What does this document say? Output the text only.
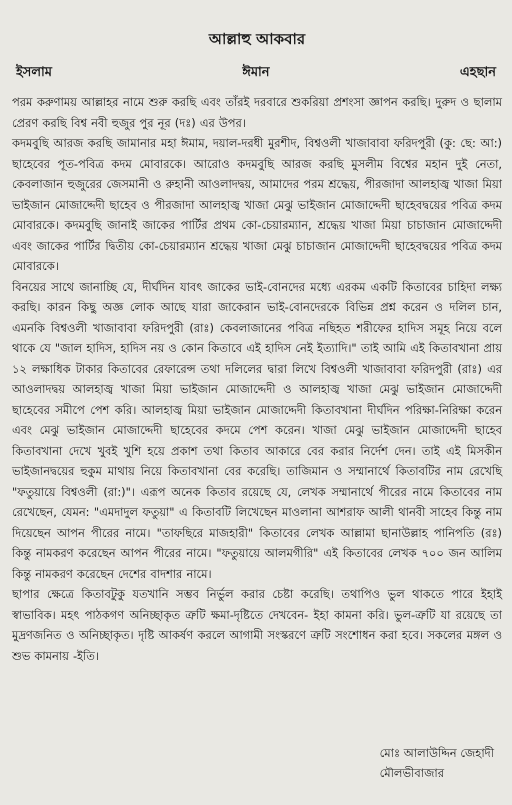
আল্লাহু আকবার
ইসলাম	ঈমান	এহছান

পরম করুণাময় আল্লাহর নামে শুরু করছি এবং তাঁরই দরবারে শুকরিয়া প্রশংসা জ্ঞাপন করছি। দুরুদ ও ছালাম প্রেরণ করছি বিশ্ব নবী হুজুর পুর নূর (দঃ) এর উপর।

কদমবুছি আরজ করছি জামানার মহা ঈমাম, দয়াল-দরধী মুরশীদ, বিশ্বওলী খাজাবাবা ফরিদপুরী (কু: ছে: আ:) ছাহেবের পূত-পবিত্র কদম মোবারকে। আরোও কদমবুছি আরজ করছি মুসলীম বিশ্বের মহান দুই নেতা, কেবলাজান হুজুরের জেসমানী ও রুহানী আওলাদদ্বয়, আমাদের পরম শ্রদ্ধেয়, পীরজাদা আলহাজ্ব খাজা মিয়া ভাইজান মোজাদ্দেদী ছাহেব ও পীরজাদা আলহাজ্ব খাজা মেঝু ভাইজান মোজাদ্দেদী ছাহেবদ্বয়ের পবিত্র কদম মোবারকে। কদমবুছি জানাই জাকের পার্টির প্রথম কো-চেয়ারম্যান, শ্রদ্ধেয় খাজা মিয়া চাচাজান মোজাদ্দেদী এবং জাকের পার্টির দ্বিতীয় কো-চেয়ারম্যান শ্রদ্ধেয় খাজা মেঝু চাচাজান মোজাদ্দেদী ছাহেবদ্বয়ের পবিত্র কদম মোবারকে।

বিনয়ের সাথে জানাচ্ছি যে, দীর্ঘদিন যাবৎ জাকের ভাই-বোনদের মধ্যে এরকম একটি কিতাবের চাহিদা লক্ষ্য করছি। কারন কিছু অজ্ঞ লোক আছে যারা জাকেরান ভাই-বোনদেরকে বিভিন্ন প্রশ্ন করেন ও দলিল চান, এমনকি বিশ্বওলী খাজাবাবা ফরিদপুরী (রাঃ) কেবলাজানের পবিত্র নছিহত শরীফের হাদিস সমূহ নিয়ে বলে থাকে যে "জাল হাদিস, হাদিস নয় ও কোন কিতাবে এই হাদিস নেই ইত্যাদি।" তাই আমি এই কিতাবখানা প্রায় ১২ লক্ষাধিক টাকার কিতাবের রেফারেন্স তথা দলিলের দ্বারা লিখে বিশ্বওলী খাজাবাবা ফরিদপুরী (রাঃ) এর আওলাদদ্বয় আলহাজ্ব খাজা মিয়া ভাইজান মোজাদ্দেদী ও আলহাজ্ব খাজা মেঝু ভাইজান মোজাদ্দেদী ছাহেবের সমীপে পেশ করি। আলহাজ্ব মিয়া ভাইজান মোজাদ্দেদী কিতাবখানা দীর্ঘদিন পরিক্ষা-নিরিক্ষা করেন এবং মেঝু ভাইজান মোজাদ্দেদী ছাহেবের কদমে পেশ করেন। খাজা মেঝু ভাইজান মোজাদ্দেদী ছাহেব কিতাবখানা দেখে খুবই খুশি হয়ে প্রকাশ তথা কিতাব আকারে বের করার নির্দেশ দেন। তাই এই মিসকীন ভাইজানদ্বয়ের হুকুম মাথায় নিয়ে কিতাবখানা বের করেছি। তাজিমান ও সম্মানার্থে কিতাবটির নাম রেখেছি "ফতুয়ায়ে বিশ্বওলী (রা:)"। এরূপ অনেক কিতাব রয়েছে যে, লেখক সম্মানার্থে পীরের নামে কিতাবের নাম রেখেছেন, যেমন: "এমদাদুল ফতুয়া" এ কিতাবটি লিখেছেন মাওলানা আশরাফ আলী থানবী সাহেব কিন্তু নাম দিয়েছেন আপন পীরের নামে। "তাফছিরে মাজহারী" কিতাবের লেখক আল্লামা ছানাউল্লাহ পানিপতি (রঃ) কিন্তু নামকরণ করেছেন আপন পীরের নামে। "ফতুয়ায়ে আলমগীরি" এই কিতাবের লেখক ৭০০ জন আলিম কিন্তু নামকরণ করেছেন দেশের বাদশার নামে।

ছাপার ক্ষেত্রে কিতাবটুকু যতখানি সম্ভব নির্ভুল করার চেষ্টা করেছি। তথাপিও ভুল থাকতে পারে ইহাই স্বাভাবিক। মহৎ পাঠকগণ অনিচ্ছাকৃত ত্রুটি ক্ষমা-দৃষ্টিতে দেখবেন- ইহা কামনা করি। ভুল-ত্রুটি যা রয়েছে তা মুদ্রণজনিত ও অনিচ্ছাকৃত। দৃষ্টি আকর্ষণ করলে আগামী সংস্করণে ত্রুটি সংশোধন করা হবে। সকলের মঙ্গল ও শুভ কামনায় -ইতি।

মোঃ আলাউদ্দিন জেহাদী
মৌলভীবাজার
